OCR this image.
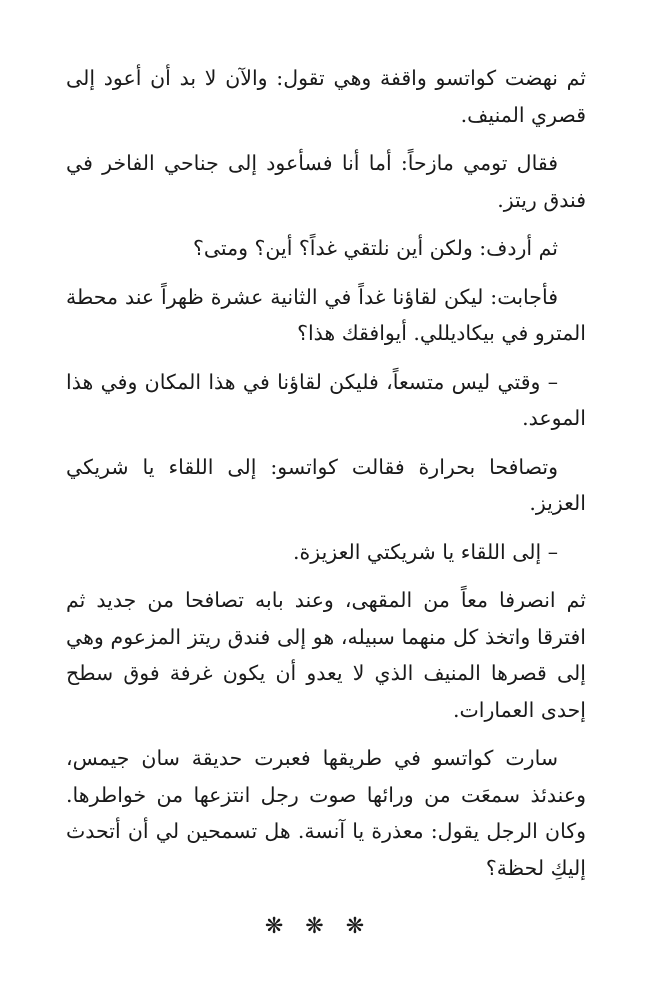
ثم نهضت كواتسو واقفة وهي تقول: والآن لا بد أن أعود إلى قصري المنيف.

فقال تومي مازحاً: أما أنا فسأعود إلى جناحي الفاخر في فندق ريتز.

ثم أردف: ولكن أين نلتقي غداً؟ أين؟ ومتى؟

فأجابت: ليكن لقاؤنا غداً في الثانية عشرة ظهراً عند محطة المترو في بيكاديللي. أيوافقك هذا؟

– وقتي ليس متسعاً، فليكن لقاؤنا في هذا المكان وفي هذا الموعد.

وتصافحا بحرارة فقالت كواتسو: إلى اللقاء يا شريكي العزيز.

– إلى اللقاء يا شريكتي العزيزة.

ثم انصرفا معاً من المقهى، وعند بابه تصافحا من جديد ثم افترقا واتخذ كل منهما سبيله، هو إلى فندق ريتز المزعوم وهي إلى قصرها المنيف الذي لا يعدو أن يكون غرفة فوق سطح إحدى العمارات.

سارت كواتسو في طريقها فعبرت حديقة سان جيمس، وعندئذ سمعَت من ورائها صوت رجل انتزعها من خواطرها. وكان الرجل يقول: معذرة يا آنسة. هل تسمحين لي أن أتحدث إليكِ لحظة؟

❋❋❋
